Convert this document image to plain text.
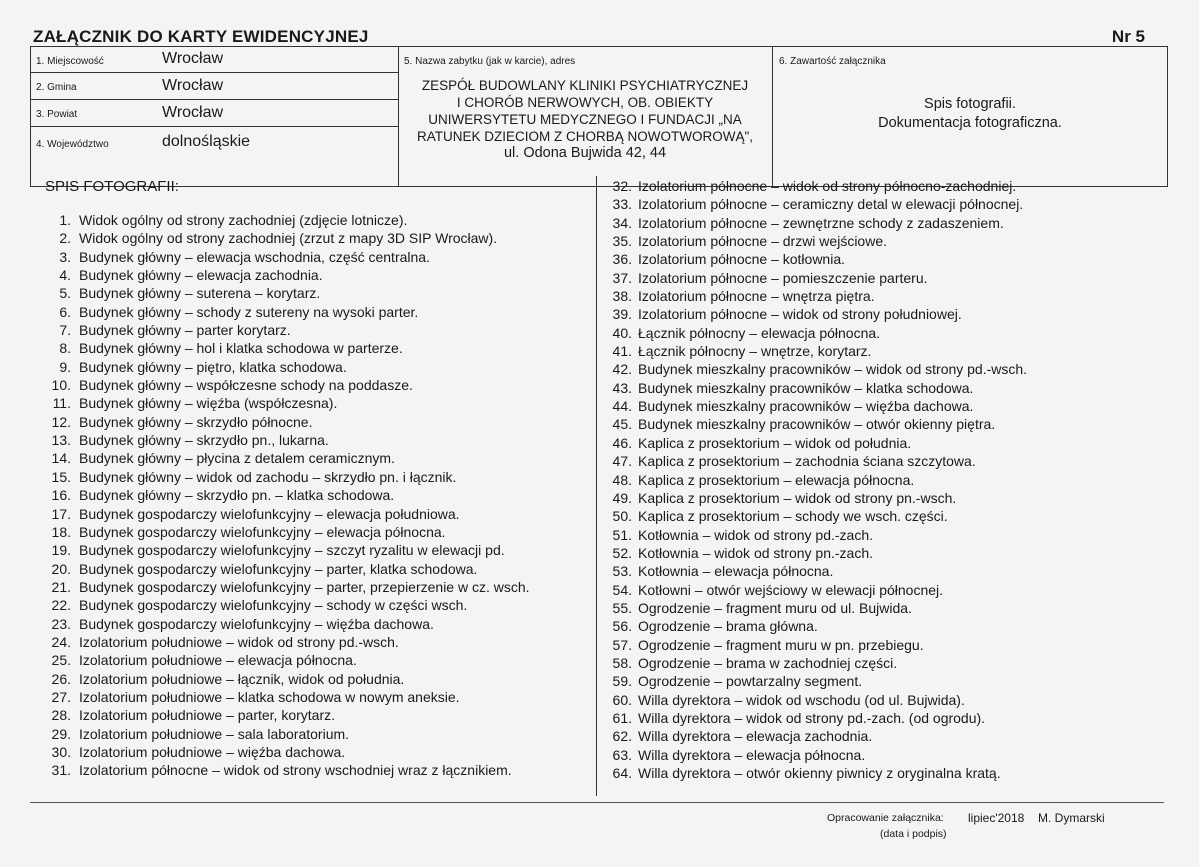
ZAŁĄCZNIK DO KARTY EWIDENCYJNEJ	Nr 5
1. Miejscowość	Wrocław
2. Gmina	Wrocław
3. Powiat	Wrocław
4. Województwo	dolnośląskie
5. Nazwa zabytku (jak w karcie), adres
ZESPÓŁ BUDOWLANY KLINIKI PSYCHIATRYCZNEJ
I CHORÓB NERWOWYCH, OB. OBIEKTY
UNIWERSYTETU MEDYCZNEGO I FUNDACJI „NA
RATUNEK DZIECIOM Z CHORBĄ NOWOTWOROWĄ",
ul. Odona Bujwida 42, 44
6. Zawartość załącznika
Spis fotografii.
Dokumentacja fotograficzna.
SPIS FOTOGRAFII:
1. Widok ogólny od strony zachodniej (zdjęcie lotnicze).
2. Widok ogólny od strony zachodniej (zrzut z mapy 3D SIP Wrocław).
3. Budynek główny – elewacja wschodnia, część centralna.
4. Budynek główny – elewacja zachodnia.
5. Budynek główny – suterena – korytarz.
6. Budynek główny – schody z sutereny na wysoki parter.
7. Budynek główny – parter korytarz.
8. Budynek główny – hol i klatka schodowa w parterze.
9. Budynek główny – piętro, klatka schodowa.
10. Budynek główny – współczesne schody na poddasze.
11. Budynek główny – więźba (współczesna).
12. Budynek główny – skrzydło północne.
13. Budynek główny – skrzydło pn., lukarna.
14. Budynek główny – płycina z detalem ceramicznym.
15. Budynek główny – widok od zachodu – skrzydło pn. i łącznik.
16. Budynek główny – skrzydło pn. – klatka schodowa.
17. Budynek gospodarczy wielofunkcyjny – elewacja południowa.
18. Budynek gospodarczy wielofunkcyjny – elewacja północna.
19. Budynek gospodarczy wielofunkcyjny – szczyt ryzalitu w elewacji pd.
20. Budynek gospodarczy wielofunkcyjny – parter, klatka schodowa.
21. Budynek gospodarczy wielofunkcyjny – parter, przepierzenie w cz. wsch.
22. Budynek gospodarczy wielofunkcyjny – schody w części wsch.
23. Budynek gospodarczy wielofunkcyjny – więźba dachowa.
24. Izolatorium południowe – widok od strony pd.-wsch.
25. Izolatorium południowe – elewacja północna.
26. Izolatorium południowe – łącznik, widok od południa.
27. Izolatorium południowe – klatka schodowa w nowym aneksie.
28. Izolatorium południowe – parter, korytarz.
29. Izolatorium południowe – sala laboratorium.
30. Izolatorium południowe – więźba dachowa.
31. Izolatorium północne – widok od strony wschodniej wraz z łącznikiem.
32. Izolatorium północne – widok od strony północno-zachodniej.
33. Izolatorium północne – ceramiczny detal w elewacji północnej.
34. Izolatorium północne – zewnętrzne schody z zadaszeniem.
35. Izolatorium północne – drzwi wejściowe.
36. Izolatorium północne – kotłownia.
37. Izolatorium północne – pomieszczenie parteru.
38. Izolatorium północne – wnętrza piętra.
39. Izolatorium północne – widok od strony południowej.
40. Łącznik północny – elewacja północna.
41. Łącznik północny – wnętrze, korytarz.
42. Budynek mieszkalny pracowników – widok od strony pd.-wsch.
43. Budynek mieszkalny pracowników – klatka schodowa.
44. Budynek mieszkalny pracowników – więźba dachowa.
45. Budynek mieszkalny pracowników – otwór okienny piętra.
46. Kaplica z prosektorium – widok od południa.
47. Kaplica z prosektorium – zachodnia ściana szczytowa.
48. Kaplica z prosektorium – elewacja północna.
49. Kaplica z prosektorium – widok od strony pn.-wsch.
50. Kaplica z prosektorium – schody we wsch. części.
51. Kotłownia – widok od strony pd.-zach.
52. Kotłownia – widok od strony pn.-zach.
53. Kotłownia – elewacja północna.
54. Kotłowni – otwór wejściowy w elewacji północnej.
55. Ogrodzenie – fragment muru od ul. Bujwida.
56. Ogrodzenie – brama główna.
57. Ogrodzenie – fragment muru w pn. przebiegu.
58. Ogrodzenie – brama w zachodniej części.
59. Ogrodzenie – powtarzalny segment.
60. Willa dyrektora – widok od wschodu (od ul. Bujwida).
61. Willa dyrektora – widok od strony pd.-zach. (od ogrodu).
62. Willa dyrektora – elewacja zachodnia.
63. Willa dyrektora – elewacja północna.
64. Willa dyrektora – otwór okienny piwnicy z oryginalna kratą.
Opracowanie załącznika: lipiec'2018 M. Dymarski
(data i podpis)
